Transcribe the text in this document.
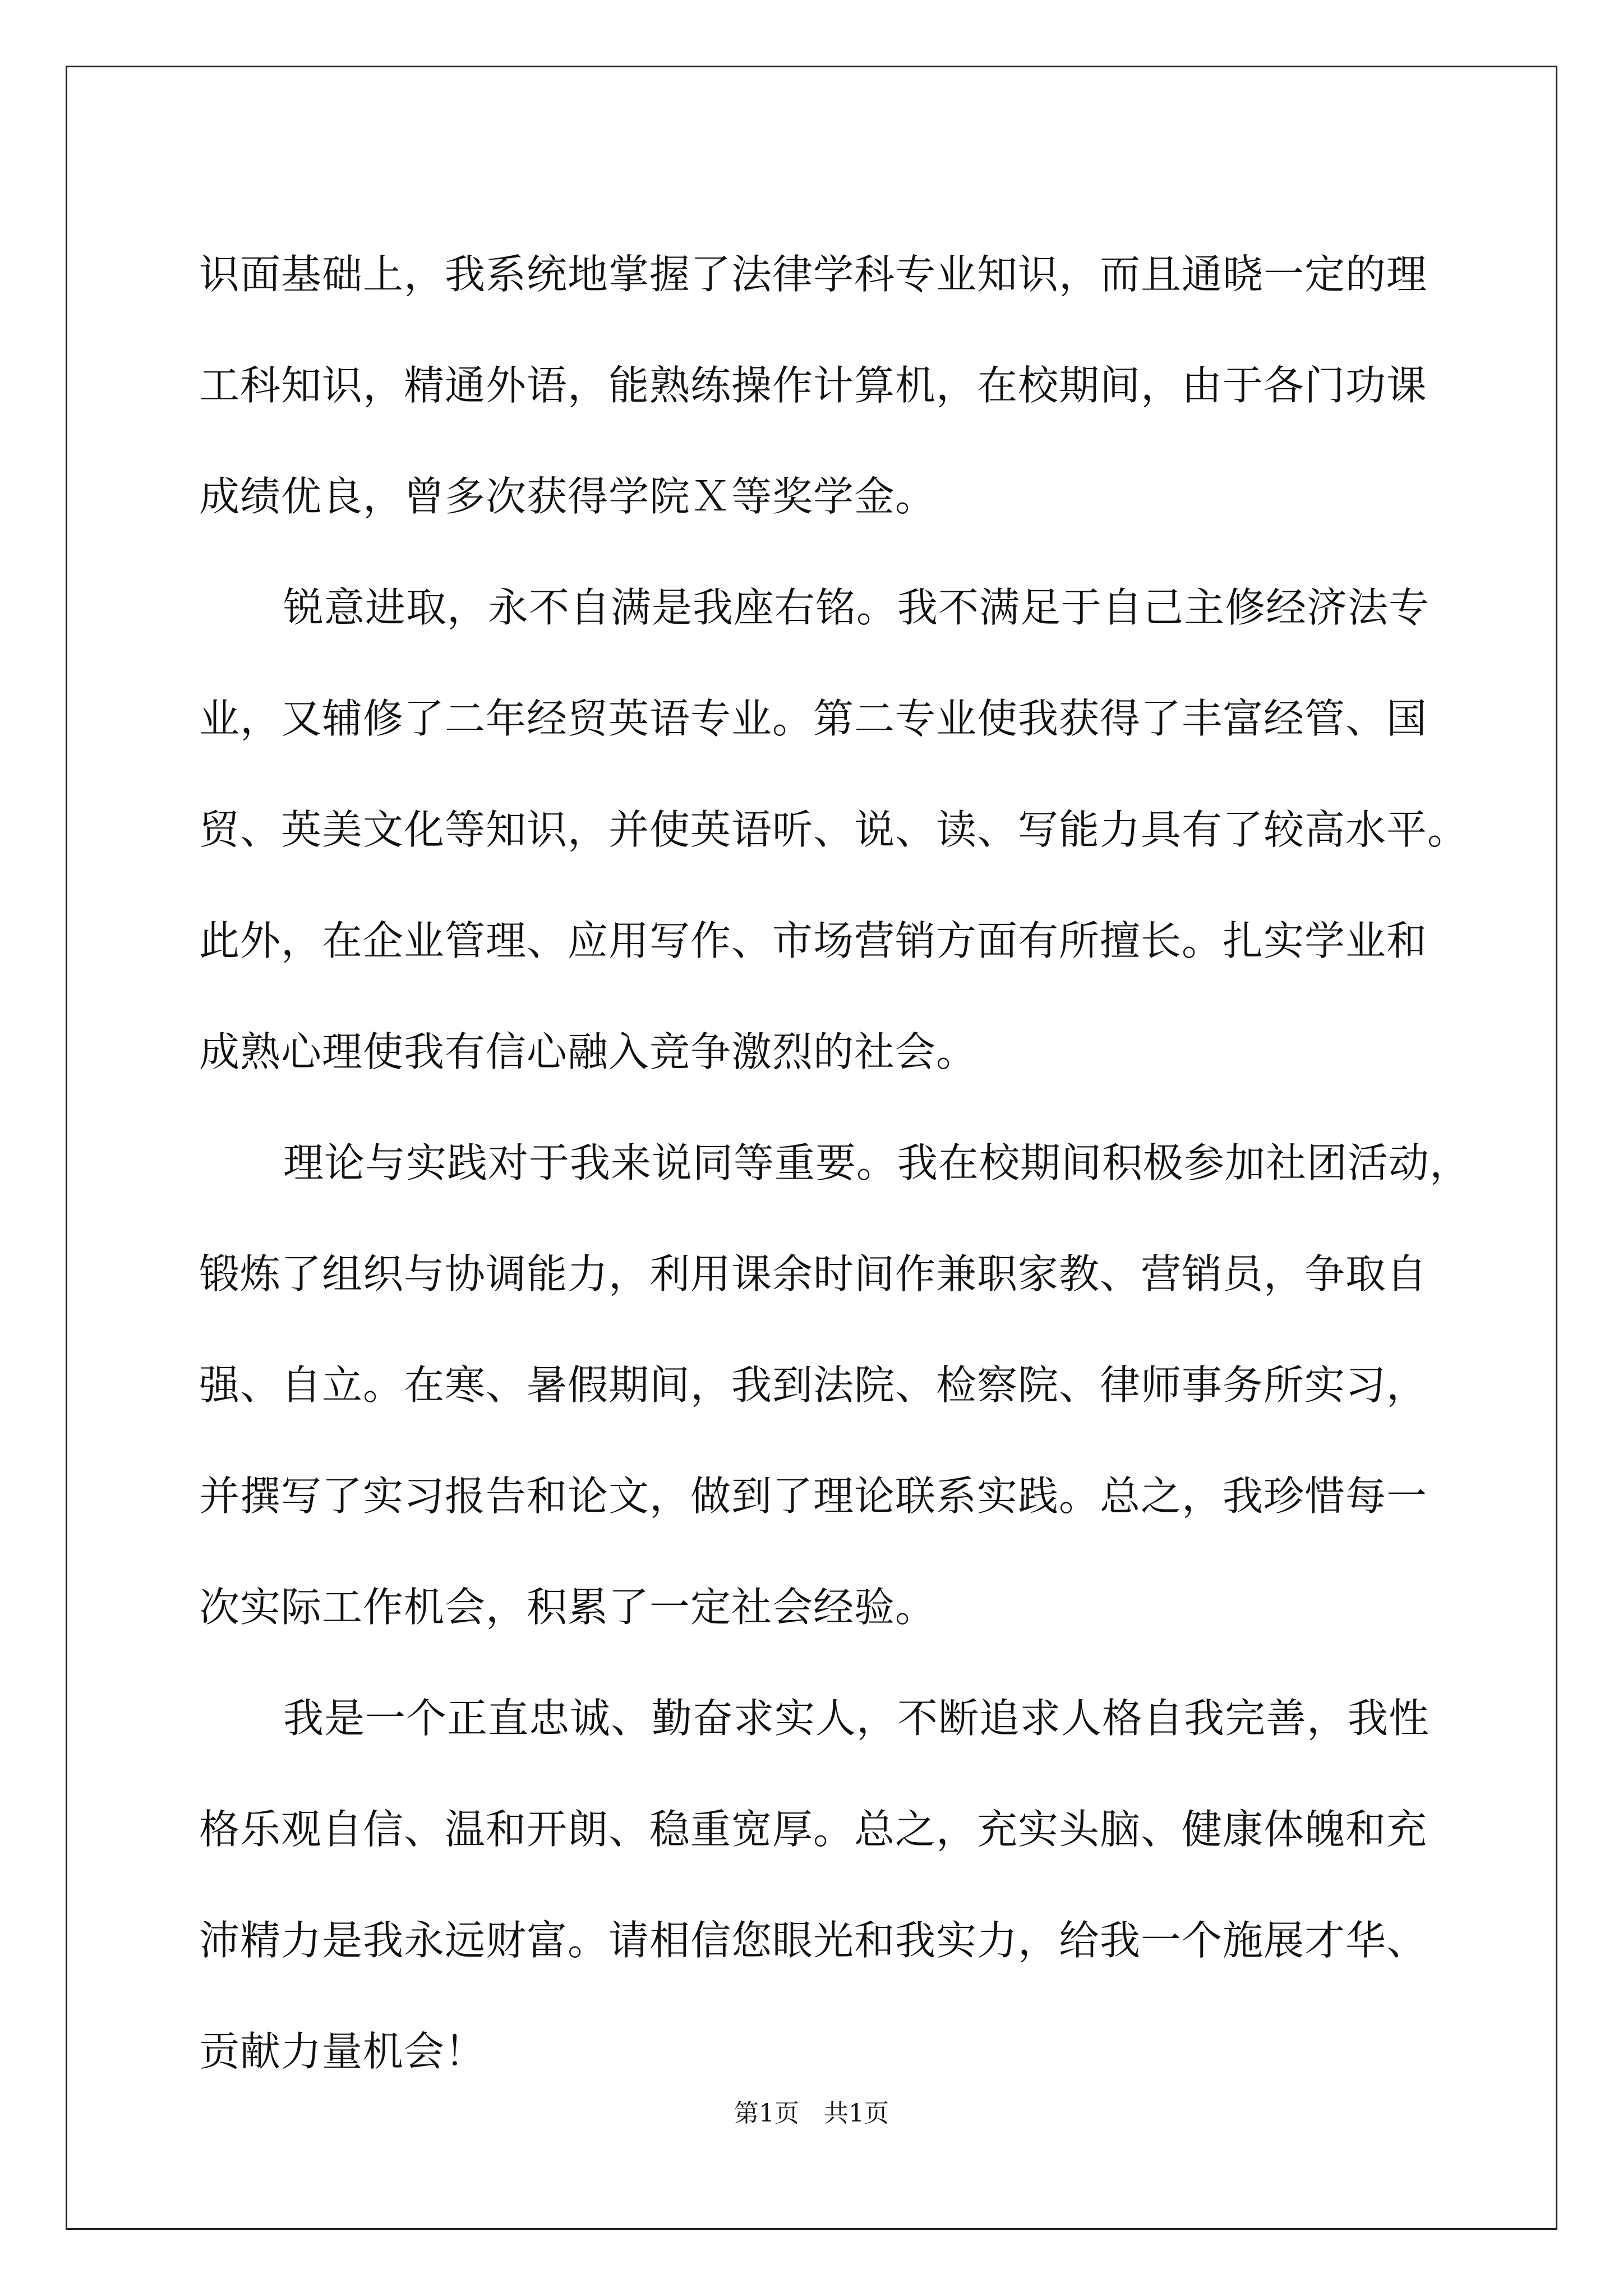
识面基础上，我系统地掌握了法律学科专业知识，而且通晓一定的理
工科知识，精通外语，能熟练操作计算机，在校期间，由于各门功课
成绩优良，曾多次获得学院Ｘ等奖学金。
锐意进取，永不自满是我座右铭。我不满足于自己主修经济法专
业，又辅修了二年经贸英语专业。第二专业使我获得了丰富经管、国
贸、英美文化等知识，并使英语听、说、读、写能力具有了较高水平。
此外，在企业管理、应用写作、市场营销方面有所擅长。扎实学业和
成熟心理使我有信心融入竞争激烈的社会。
理论与实践对于我来说同等重要。我在校期间积极参加社团活动，
锻炼了组织与协调能力，利用课余时间作兼职家教、营销员，争取自
强、自立。在寒、暑假期间，我到法院、检察院、律师事务所实习，
并撰写了实习报告和论文，做到了理论联系实践。总之，我珍惜每一
次实际工作机会，积累了一定社会经验。
我是一个正直忠诚、勤奋求实人，不断追求人格自我完善，我性
格乐观自信、温和开朗、稳重宽厚。总之，充实头脑、健康体魄和充
沛精力是我永远财富。请相信您眼光和我实力，给我一个施展才华、
贡献力量机会！
第1页　共1页
